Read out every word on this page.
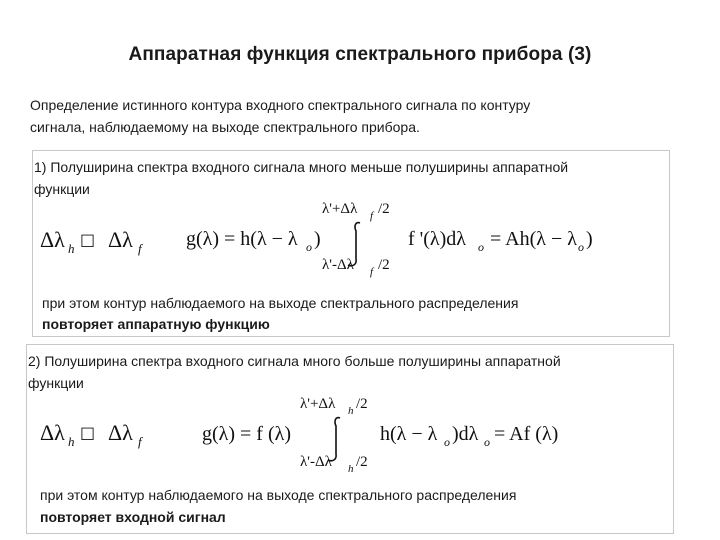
Аппаратная функция спектрального прибора (3)
Определение истинного контура входного спектрального сигнала по контуру
сигнала, наблюдаемому на выходе спектрального прибора.
1) Полуширина спектра входного сигнала много меньше полуширины аппаратной
функции
Δλ h □ Δλ f g(λ) = h(λ − λ o )
λ'+Δλ f /2
λ'-Δλ f /2
f '(λ)dλ o = Ah(λ − λ o )
при этом контур наблюдаемого на выходе спектрального распределения
повторяет аппаратную функцию
2) Полуширина спектра входного сигнала много больше полуширины аппаратной
функции
Δλ h □ Δλ f	g(λ) = f (λ)
λ'+Δλ h /2
λ'-Δλ h /2
h(λ − λ o )dλ o = Af (λ)
при этом контур наблюдаемого на выходе спектрального распределения
повторяет входной сигнал
